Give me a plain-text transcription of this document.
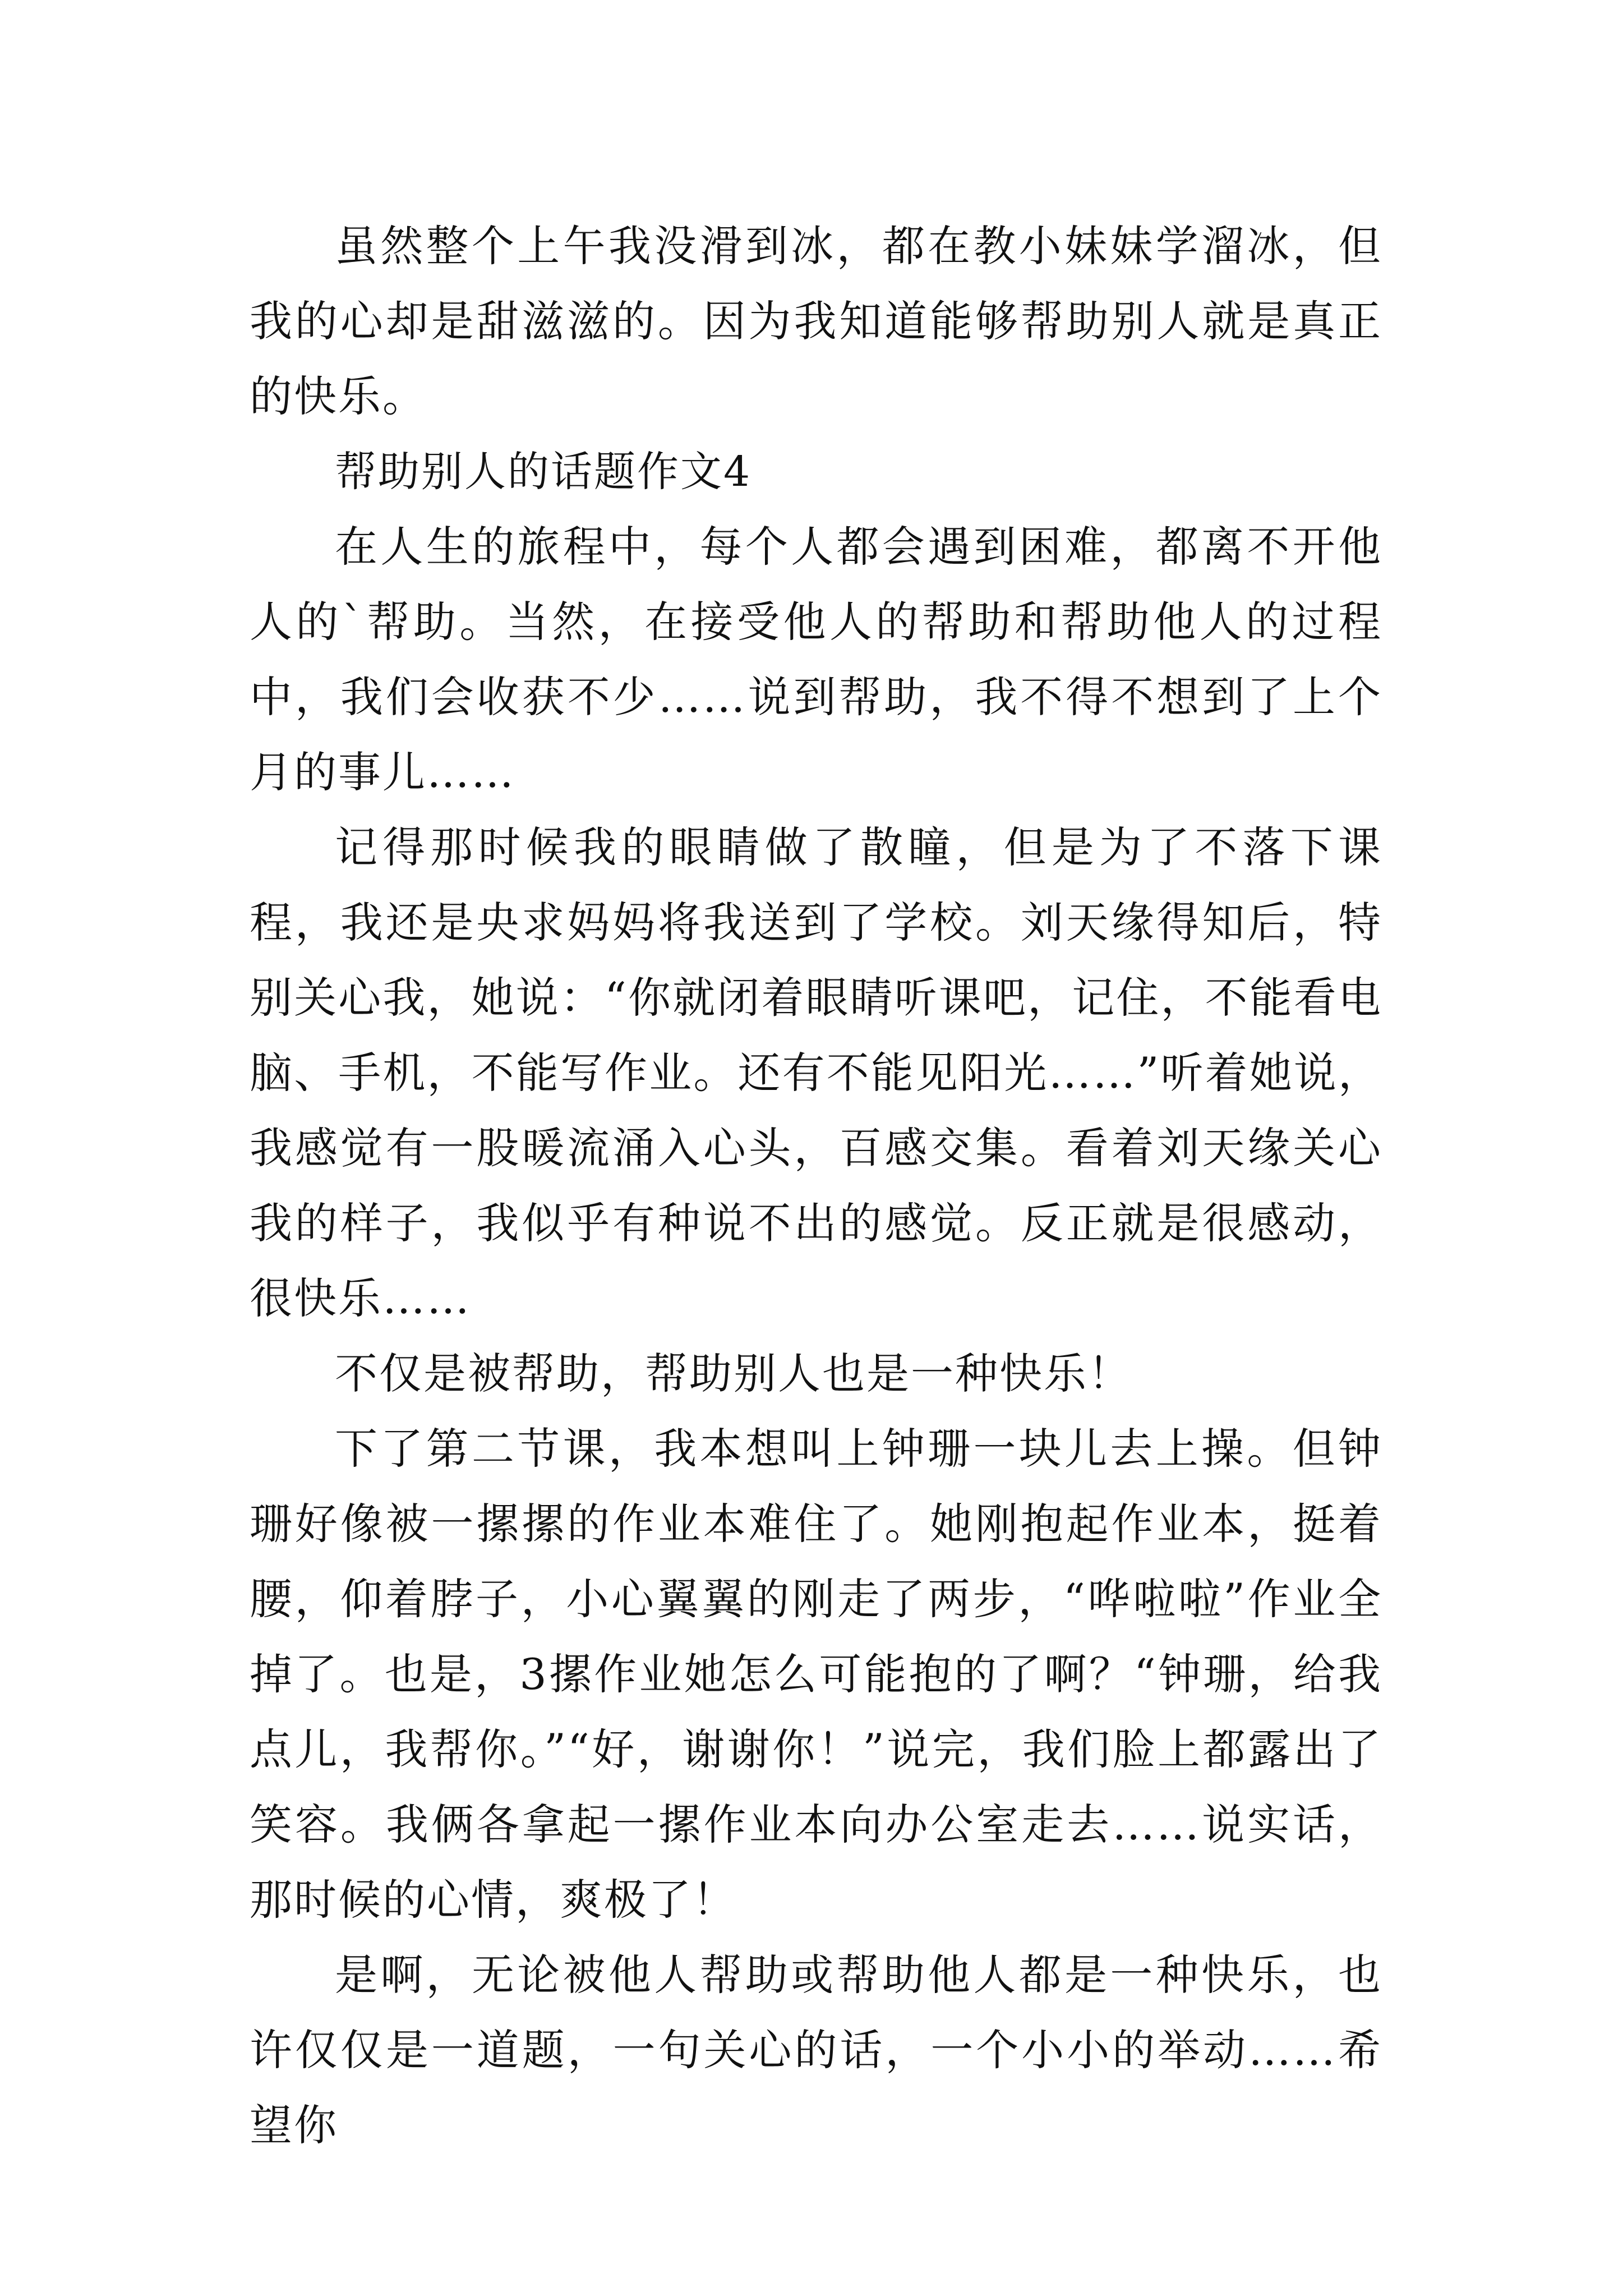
虽然整个上午我没滑到冰，都在教小妹妹学溜冰，但我的心却是甜滋滋的。因为我知道能够帮助别人就是真正的快乐。

帮助别人的话题作文4

在人生的旅程中，每个人都会遇到困难，都离不开他人的`帮助。当然，在接受他人的帮助和帮助他人的过程中，我们会收获不少……说到帮助，我不得不想到了上个月的事儿……

记得那时候我的眼睛做了散瞳，但是为了不落下课程，我还是央求妈妈将我送到了学校。刘天缘得知后，特别关心我，她说：“你就闭着眼睛听课吧，记住，不能看电脑、手机，不能写作业。还有不能见阳光……”听着她说，我感觉有一股暖流涌入心头，百感交集。看着刘天缘关心我的样子，我似乎有种说不出的感觉。反正就是很感动，很快乐……

不仅是被帮助，帮助别人也是一种快乐！

下了第二节课，我本想叫上钟珊一块儿去上操。但钟珊好像被一摞摞的作业本难住了。她刚抱起作业本，挺着腰，仰着脖子，小心翼翼的刚走了两步，“哗啦啦”作业全掉了。也是，3摞作业她怎么可能抱的了啊？“钟珊，给我点儿，我帮你。”“好，谢谢你！”说完，我们脸上都露出了笑容。我俩各拿起一摞作业本向办公室走去……说实话，那时候的心情，爽极了！

是啊，无论被他人帮助或帮助他人都是一种快乐，也许仅仅是一道题，一句关心的话，一个小小的举动……希望你
